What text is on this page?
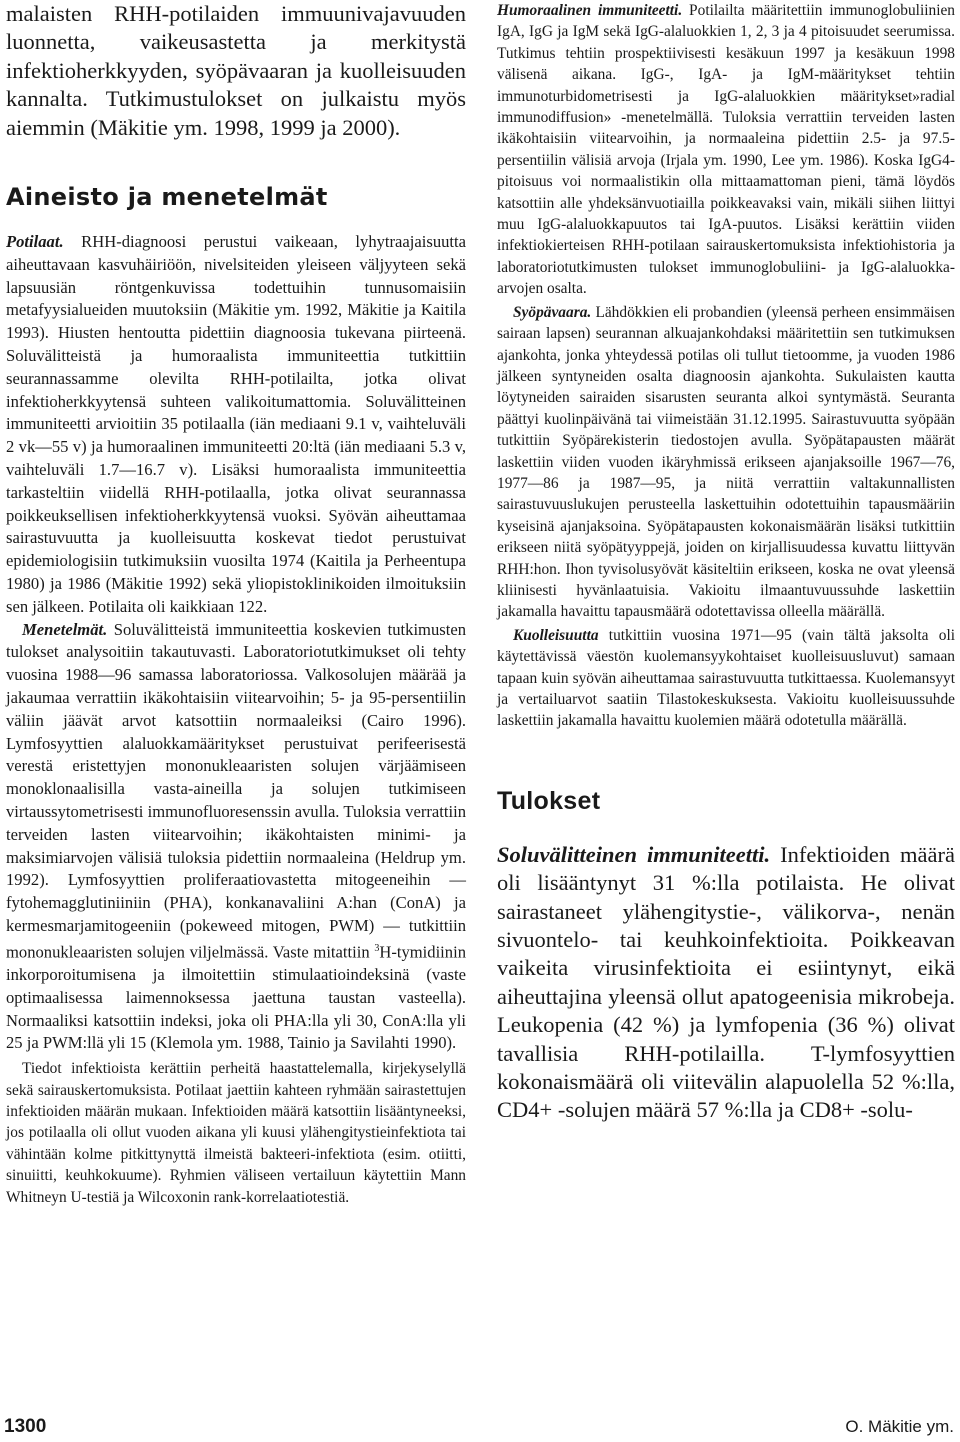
malaisten RHH-potilaiden immuunivajavuuden luonnetta, vaikeusastetta ja merkitystä infektioherkkyyden, syöpävaaran ja kuolleisuuden kannalta. Tutkimustulokset on julkaistu myös aiemmin (Mäkitie ym. 1998, 1999 ja 2000).

Aineisto ja menetelmät

Potilaat. RHH-diagnoosi perustui vaikeaan, lyhytraajaisuutta aiheuttavaan kasvuhäiriöön, nivelsiteiden yleiseen väljyyteen sekä lapsuusiän röntgenkuvissa todettuihin tunnusomaisiin metafyysialueiden muutoksiin (Mäkitie ym. 1992, Mäkitie ja Kaitila 1993). Hiusten hentoutta pidettiin diagnoosia tukevana piirteenä. Soluvälitteistä ja humoraalista immuniteettia tutkittiin seurannassamme olevilta RHH-potilailta, jotka olivat infektioherkkyytensä suhteen valikoitumattomia. Soluvälitteinen immuniteetti arvioitiin 35 potilaalla (iän mediaani 9.1 v, vaihteluväli 2 vk—55 v) ja humoraalinen immuniteetti 20:ltä (iän mediaani 5.3 v, vaihteluväli 1.7—16.7 v). Lisäksi humoraalista immuniteettia tarkasteltiin viidellä RHH-potilaalla, jotka olivat seurannassa poikkeuksellisen infektioherkkyytensä vuoksi. Syövän aiheuttamaa sairastuvuutta ja kuolleisuutta koskevat tiedot perustuivat epidemiologisiin tutkimuksiin vuosilta 1974 (Kaitila ja Perheentupa 1980) ja 1986 (Mäkitie 1992) sekä yliopistoklinikoiden ilmoituksiin sen jälkeen. Potilaita oli kaikkiaan 122.

Menetelmät. Soluvälitteistä immuniteettia koskevien tutkimusten tulokset analysoitiin takautuvasti. Laboratoriotutkimukset oli tehty vuosina 1988—96 samassa laboratoriossa. Valkosolujen määrää ja jakaumaa verrattiin ikäkohtaisiin viitearvoihin; 5- ja 95-persentiilin väliin jäävät arvot katsottiin normaaleiksi (Cairo 1996). Lymfosyyttien alaluokkamääritykset perustuivat perifeerisestä verestä eristettyjen mononukleaaristen solujen värjäämiseen monoklonaalisilla vasta-aineilla ja solujen tutkimiseen virtaussytometrisesti immunofluoresenssin avulla. Tuloksia verrattiin terveiden lasten viitearvoihin; ikäkohtaisten minimi- ja maksimiarvojen välisiä tuloksia pidettiin normaaleina (Heldrup ym. 1992). Lymfosyyttien proliferaatiovastetta mitogeeneihin — fytohemagglutiniiniin (PHA), konkanavaliini A:han (ConA) ja kermesmarjamitogeeniin (pokeweed mitogen, PWM) — tutkittiin mononukleaaristen solujen viljelmässä. Vaste mitattiin $^3$H-tymidiinin inkorporoitumisena ja ilmoitettiin stimulaatioindeksinä (vaste optimaalisessa laimennoksessa jaettuna taustan vasteella). Normaaliksi katsottiin indeksi, joka oli PHA:lla yli 30, ConA:lla yli 25 ja PWM:llä yli 15 (Klemola ym. 1988, Tainio ja Savilahti 1990).

Tiedot infektioista kerättiin perheitä haastattelemalla, kirjekyselyllä sekä sairauskertomuksista. Potilaat jaettiin kahteen ryhmään sairastettujen infektioiden määrän mukaan. Infektioiden määrä katsottiin lisääntyneeksi, jos potilaalla oli ollut vuoden aikana yli kuusi ylähengitystieinfektiota tai vähintään kolme pitkittynyttä ilmeistä bakteeri-infektiota (esim. otiitti, sinuiitti, keuhkokuume). Ryhmien väliseen vertailuun käytettiin Mann Whitneyn U-testiä ja Wilcoxonin rank-korrelaatiotestiä.

Humoraalinen immuniteetti. Potilailta määritettiin immunoglobuliinien IgA, IgG ja IgM sekä IgG-alaluokkien 1, 2, 3 ja 4 pitoisuudet seerumissa. Tutkimus tehtiin prospektiivisesti kesäkuun 1997 ja kesäkuun 1998 välisenä aikana. IgG-, IgA- ja IgM-määritykset tehtiin immunoturbidometrisesti ja IgG-alaluokkien määritykset»radial immunodiffusion» -menetelmällä. Tuloksia verrattiin terveiden lasten ikäkohtaisiin viitearvoihin, ja normaaleina pidettiin 2.5- ja 97.5-persentiilin välisiä arvoja (Irjala ym. 1990, Lee ym. 1986). Koska IgG4-pitoisuus voi normaalistikin olla mittaamattoman pieni, tämä löydös katsottiin alle yhdeksänvuotiailla poikkeavaksi vain, mikäli siihen liittyi muu IgG-alaluokkapuutos tai IgA-puutos. Lisäksi kerättiin viiden infektiokierteisen RHH-potilaan sairauskertomuksista infektiohistoria ja laboratoriotutkimusten tulokset immunoglobuliini- ja IgG-alaluokka-arvojen osalta.

Syöpävaara. Lähdökkien eli probandien (yleensä perheen ensimmäisen sairaan lapsen) seurannan alkuajankohdaksi määritettiin sen tutkimuksen ajankohta, jonka yhteydessä potilas oli tullut tietoomme, ja vuoden 1986 jälkeen syntyneiden osalta diagnoosin ajankohta. Sukulaisten kautta löytyneiden sairaiden sisarusten seuranta alkoi syntymästä. Seuranta päättyi kuolinpäivänä tai viimeistään 31.12.1995. Sairastuvuutta syöpään tutkittiin Syöpärekisterin tiedostojen avulla. Syöpätapausten määrät laskettiin viiden vuoden ikäryhmissä erikseen ajanjaksoille 1967—76, 1977—86 ja 1987—95, ja niitä verrattiin valtakunnallisten sairastuvuuslukujen perusteella laskettuihin odotettuihin tapausmääriin kyseisinä ajanjaksoina. Syöpätapausten kokonaismäärän lisäksi tutkittiin erikseen niitä syöpätyyppejä, joiden on kirjallisuudessa kuvattu liittyvän RHH:hon. Ihon tyvisolusyövät käsiteltiin erikseen, koska ne ovat yleensä kliinisesti hyvänlaatuisia. Vakioitu ilmaantuvuussuhde laskettiin jakamalla havaittu tapausmäärä odotettavissa olleella määrällä.

Kuolleisuutta tutkittiin vuosina 1971—95 (vain tältä jaksolta oli käytettävissä väestön kuolemansyykohtaiset kuolleisuusluvut) samaan tapaan kuin syövän aiheuttamaa sairastuvuutta tutkittaessa. Kuolemansyyt ja vertailuarvot saatiin Tilastokeskuksesta. Vakioitu kuolleisuussuhde laskettiin jakamalla havaittu kuolemien määrä odotetulla määrällä.

Tulokset

Soluvälitteinen immuniteetti. Infektioiden määrä oli lisääntynyt 31 %:lla potilaista. He olivat sairastaneet ylähengitystie-, välikorva-, nenän sivuontelo- tai keuhkoinfektioita. Poikkeavan vaikeita virusinfektioita ei esiintynyt, eikä aiheuttajina yleensä ollut apatogeenisia mikrobeja. Leukopenia (42 %) ja lymfopenia (36 %) olivat tavallisia RHH-potilailla. T-lymfosyyttien kokonaismäärä oli viitevälin alapuolella 52 %:lla, CD4+ -solujen määrä 57 %:lla ja CD8+ -solu-

1300	O. Mäkitie ym.
